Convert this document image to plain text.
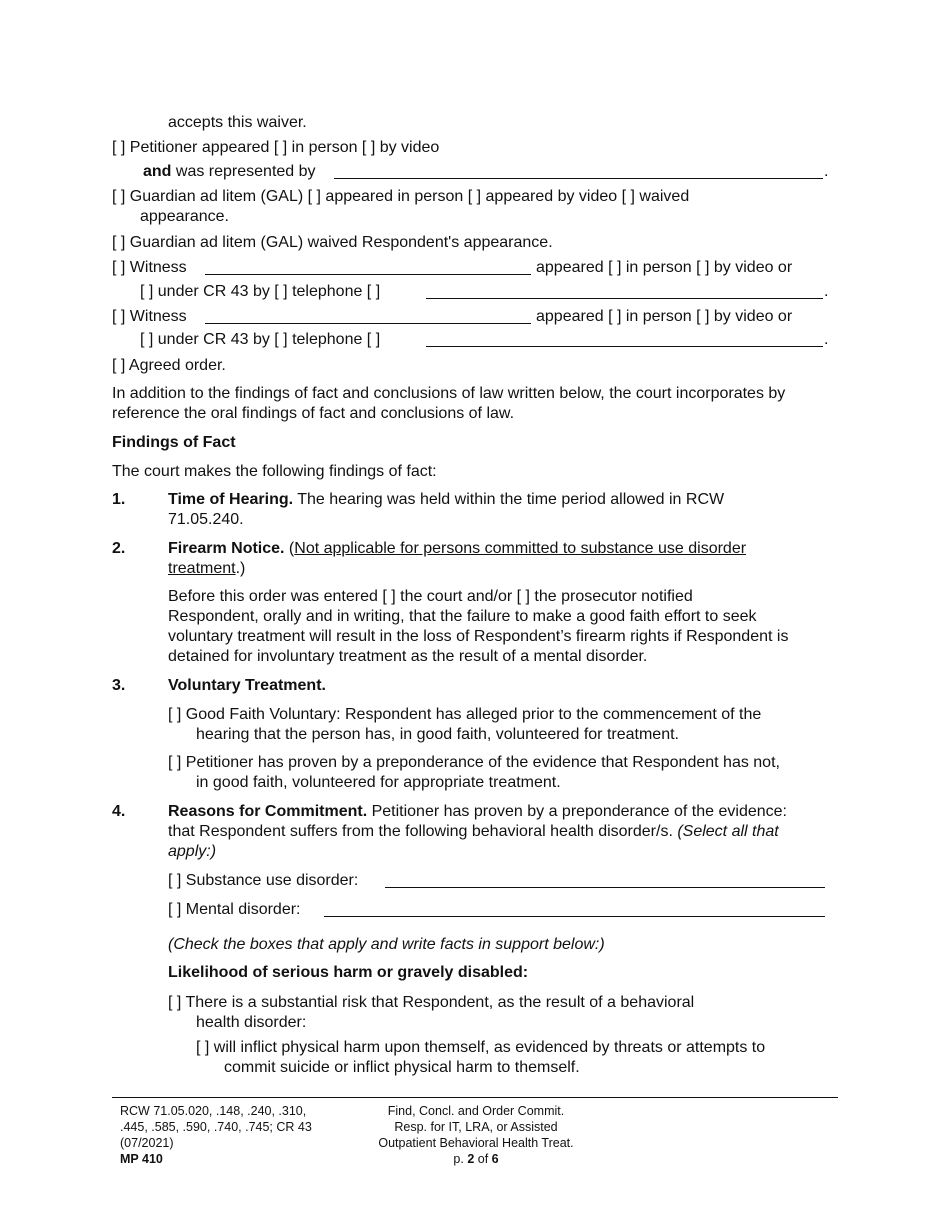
accepts this waiver.
[ ] Petitioner appeared [ ] in person [ ] by video
and was represented by	.
[ ] Guardian ad litem (GAL) [ ] appeared in person [ ] appeared by video [ ] waived
appearance.
[ ] Guardian ad litem (GAL) waived Respondent's appearance.
[ ] Witness	appeared [ ] in person [ ] by video or
[ ] under CR 43 by [ ] telephone [ ]	.
[ ] Witness	appeared [ ] in person [ ] by video or
[ ] under CR 43 by [ ] telephone [ ]	.
[ ] Agreed order.
In addition to the findings of fact and conclusions of law written below, the court incorporates by
reference the oral findings of fact and conclusions of law.
Findings of Fact
The court makes the following findings of fact:
1.	Time of Hearing. The hearing was held within the time period allowed in RCW
71.05.240.
2.	Firearm Notice. (Not applicable for persons committed to substance use disorder
treatment.)
Before this order was entered [ ] the court and/or [ ] the prosecutor notified
Respondent, orally and in writing, that the failure to make a good faith effort to seek
voluntary treatment will result in the loss of Respondent’s firearm rights if Respondent is
detained for involuntary treatment as the result of a mental disorder.
3.	Voluntary Treatment.
[ ] Good Faith Voluntary: Respondent has alleged prior to the commencement of the
hearing that the person has, in good faith, volunteered for treatment.
[ ] Petitioner has proven by a preponderance of the evidence that Respondent has not,
in good faith, volunteered for appropriate treatment.
4.	Reasons for Commitment. Petitioner has proven by a preponderance of the evidence:
that Respondent suffers from the following behavioral health disorder/s. (Select all that
apply:)
[ ] Substance use disorder:
[ ] Mental disorder:
(Check the boxes that apply and write facts in support below:)
Likelihood of serious harm or gravely disabled:
[ ] There is a substantial risk that Respondent, as the result of a behavioral
health disorder:
[ ] will inflict physical harm upon themself, as evidenced by threats or attempts to
commit suicide or inflict physical harm to themself.
RCW 71.05.020, .148, .240, .310,
.445, .585, .590, .740, .745; CR 43
(07/2021)
MP 410
Find, Concl. and Order Commit.
Resp. for IT, LRA, or Assisted
Outpatient Behavioral Health Treat.
p. 2 of 6
